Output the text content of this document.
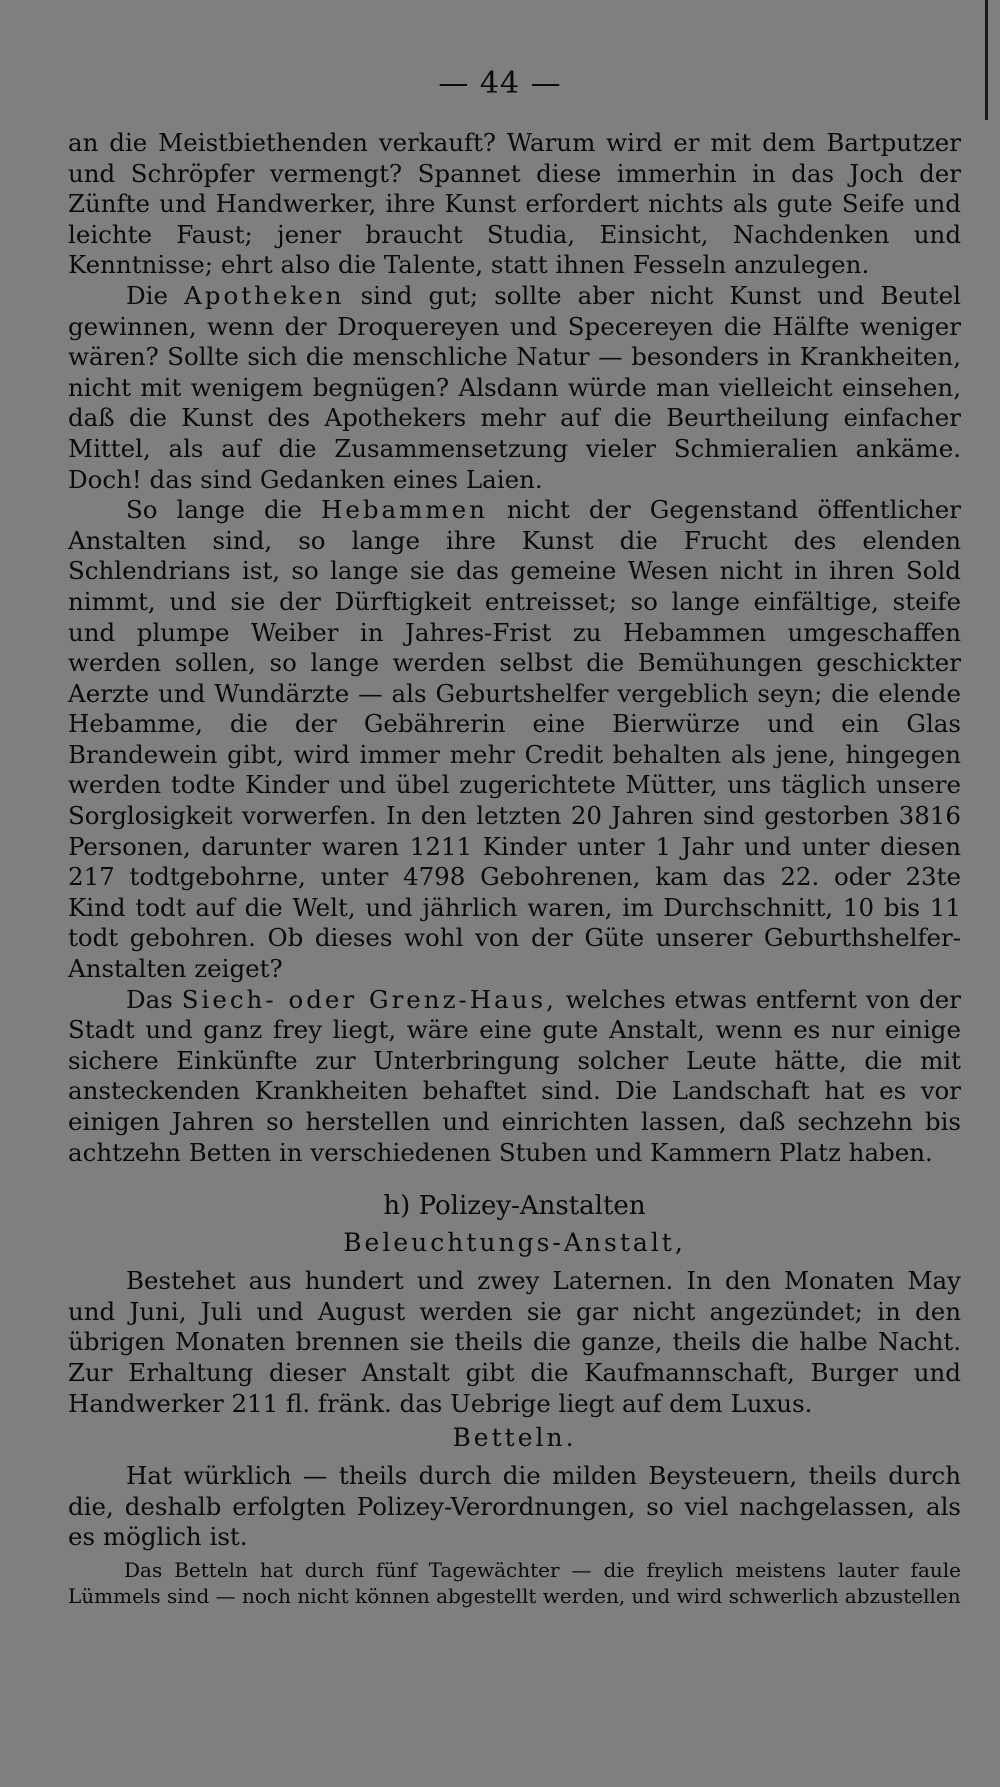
— 44 —

an die Meistbiethenden verkauft? Warum wird er mit dem Bartputzer und Schröpfer vermengt? Spannet diese immerhin in das Joch der Zünfte und Handwerker, ihre Kunst erfordert nichts als gute Seife und leichte Faust; jener braucht Studia, Einsicht, Nachdenken und Kenntnisse; ehrt also die Talente, statt ihnen Fesseln anzulegen.

Die Apotheken sind gut; sollte aber nicht Kunst und Beutel gewinnen, wenn der Droquereyen und Specereyen die Hälfte weniger wären? Sollte sich die menschliche Natur — besonders in Krankheiten, nicht mit wenigem begnügen? Alsdann würde man vielleicht einsehen, daß die Kunst des Apothekers mehr auf die Beurtheilung einfacher Mittel, als auf die Zusammensetzung vieler Schmieralien ankäme. Doch! das sind Gedanken eines Laien.

So lange die Hebammen nicht der Gegenstand öffentlicher Anstalten sind, so lange ihre Kunst die Frucht des elenden Schlendrians ist, so lange sie das gemeine Wesen nicht in ihren Sold nimmt, und sie der Dürftigkeit entreisset; so lange einfältige, steife und plumpe Weiber in Jahres-Frist zu Hebammen umgeschaffen werden sollen, so lange werden selbst die Bemühungen geschickter Aerzte und Wundärzte — als Geburtshelfer vergeblich seyn; die elende Hebamme, die der Gebährerin eine Bierwürze und ein Glas Brandewein gibt, wird immer mehr Credit behalten als jene, hingegen werden todte Kinder und übel zugerichtete Mütter, uns täglich unsere Sorglosigkeit vorwerfen. In den letzten 20 Jahren sind gestorben 3816 Personen, darunter waren 1211 Kinder unter 1 Jahr und unter diesen 217 todtgebohrne, unter 4798 Gebohrenen, kam das 22. oder 23te Kind todt auf die Welt, und jährlich waren, im Durchschnitt, 10 bis 11 todt gebohren. Ob dieses wohl von der Güte unserer Geburthshelfer-Anstalten zeiget?

Das Siech- oder Grenz-Haus, welches etwas entfernt von der Stadt und ganz frey liegt, wäre eine gute Anstalt, wenn es nur einige sichere Einkünfte zur Unterbringung solcher Leute hätte, die mit ansteckenden Krankheiten behaftet sind. Die Landschaft hat es vor einigen Jahren so herstellen und einrichten lassen, daß sechzehn bis achtzehn Betten in verschiedenen Stuben und Kammern Platz haben.

h) Polizey-Anstalten
Beleuchtungs-Anstalt,

Bestehet aus hundert und zwey Laternen. In den Monaten May und Juni, Juli und August werden sie gar nicht angezündet; in den übrigen Monaten brennen sie theils die ganze, theils die halbe Nacht. Zur Erhaltung dieser Anstalt gibt die Kaufmannschaft, Burger und Handwerker 211 fl. fränk. das Uebrige liegt auf dem Luxus.

Betteln.

Hat würklich — theils durch die milden Beysteuern, theils durch die, deshalb erfolgten Polizey-Verordnungen, so viel nachgelassen, als es möglich ist.

Das Betteln hat durch fünf Tagewächter — die freylich meistens lauter faule Lümmels sind — noch nicht können abgestellt werden, und wird schwerlich abzustellen
